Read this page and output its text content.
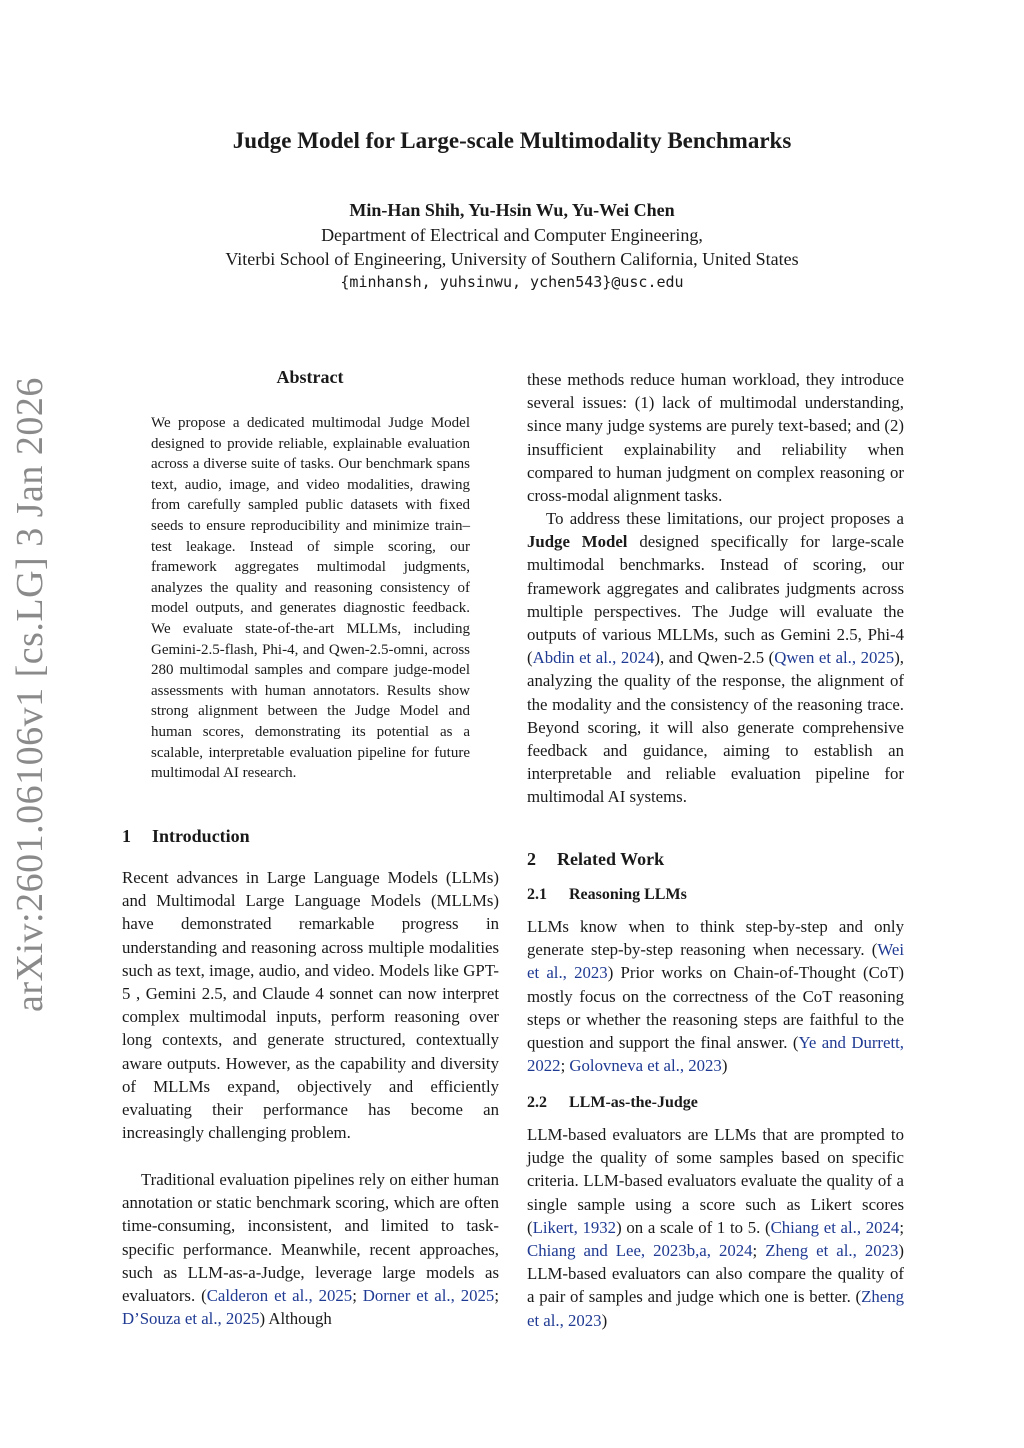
arXiv:2601.06106v1 [cs.LG] 3 Jan 2026
Judge Model for Large-scale Multimodality Benchmarks
Min-Han Shih, Yu-Hsin Wu, Yu-Wei Chen
Department of Electrical and Computer Engineering,
Viterbi School of Engineering, University of Southern California, United States
{minhansh, yuhsinwu, ychen543}@usc.edu
Abstract

We propose a dedicated multimodal Judge Model designed to provide reliable, explainable evaluation across a diverse suite of tasks. Our benchmark spans text, audio, image, and video modalities, drawing from carefully sampled public datasets with fixed seeds to ensure reproducibility and minimize train–test leakage. Instead of simple scoring, our framework aggregates multimodal judgments, analyzes the quality and reasoning consistency of model outputs, and generates diagnostic feedback. We evaluate state-of-the-art MLLMs, including Gemini-2.5-flash, Phi-4, and Qwen-2.5-omni, across 280 multimodal samples and compare judge-model assessments with human annotators. Results show strong alignment between the Judge Model and human scores, demonstrating its potential as a scalable, interpretable evaluation pipeline for future multimodal AI research.

1 Introduction

Recent advances in Large Language Models (LLMs) and Multimodal Large Language Models (MLLMs) have demonstrated remarkable progress in understanding and reasoning across multiple modalities such as text, image, audio, and video. Models like GPT-5 , Gemini 2.5, and Claude 4 sonnet can now interpret complex multimodal inputs, perform reasoning over long contexts, and generate structured, contextually aware outputs. However, as the capability and diversity of MLLMs expand, objectively and efficiently evaluating their performance has become an increasingly challenging problem.

Traditional evaluation pipelines rely on either human annotation or static benchmark scoring, which are often time-consuming, inconsistent, and limited to task-specific performance. Meanwhile, recent approaches, such as LLM-as-a-Judge, leverage large models as evaluators. (Calderon et al., 2025; Dorner et al., 2025; D’Souza et al., 2025) Although

these methods reduce human workload, they introduce several issues: (1) lack of multimodal understanding, since many judge systems are purely text-based; and (2) insufficient explainability and reliability when compared to human judgment on complex reasoning or cross-modal alignment tasks.

To address these limitations, our project proposes a Judge Model designed specifically for large-scale multimodal benchmarks. Instead of scoring, our framework aggregates and calibrates judgments across multiple perspectives. The Judge will evaluate the outputs of various MLLMs, such as Gemini 2.5, Phi-4 (Abdin et al., 2024), and Qwen-2.5 (Qwen et al., 2025), analyzing the quality of the response, the alignment of the modality and the consistency of the reasoning trace. Beyond scoring, it will also generate comprehensive feedback and guidance, aiming to establish an interpretable and reliable evaluation pipeline for multimodal AI systems.

2 Related Work
2.1 Reasoning LLMs

LLMs know when to think step-by-step and only generate step-by-step reasoning when necessary. (Wei et al., 2023) Prior works on Chain-of-Thought (CoT) mostly focus on the correctness of the CoT reasoning steps or whether the reasoning steps are faithful to the question and support the final answer. (Ye and Durrett, 2022; Golovneva et al., 2023)

2.2 LLM-as-the-Judge

LLM-based evaluators are LLMs that are prompted to judge the quality of some samples based on specific criteria. LLM-based evaluators evaluate the quality of a single sample using a score such as Likert scores (Likert, 1932) on a scale of 1 to 5. (Chiang et al., 2024; Chiang and Lee, 2023b,a, 2024; Zheng et al., 2023) LLM-based evaluators can also compare the quality of a pair of samples and judge which one is better. (Zheng et al., 2023)
